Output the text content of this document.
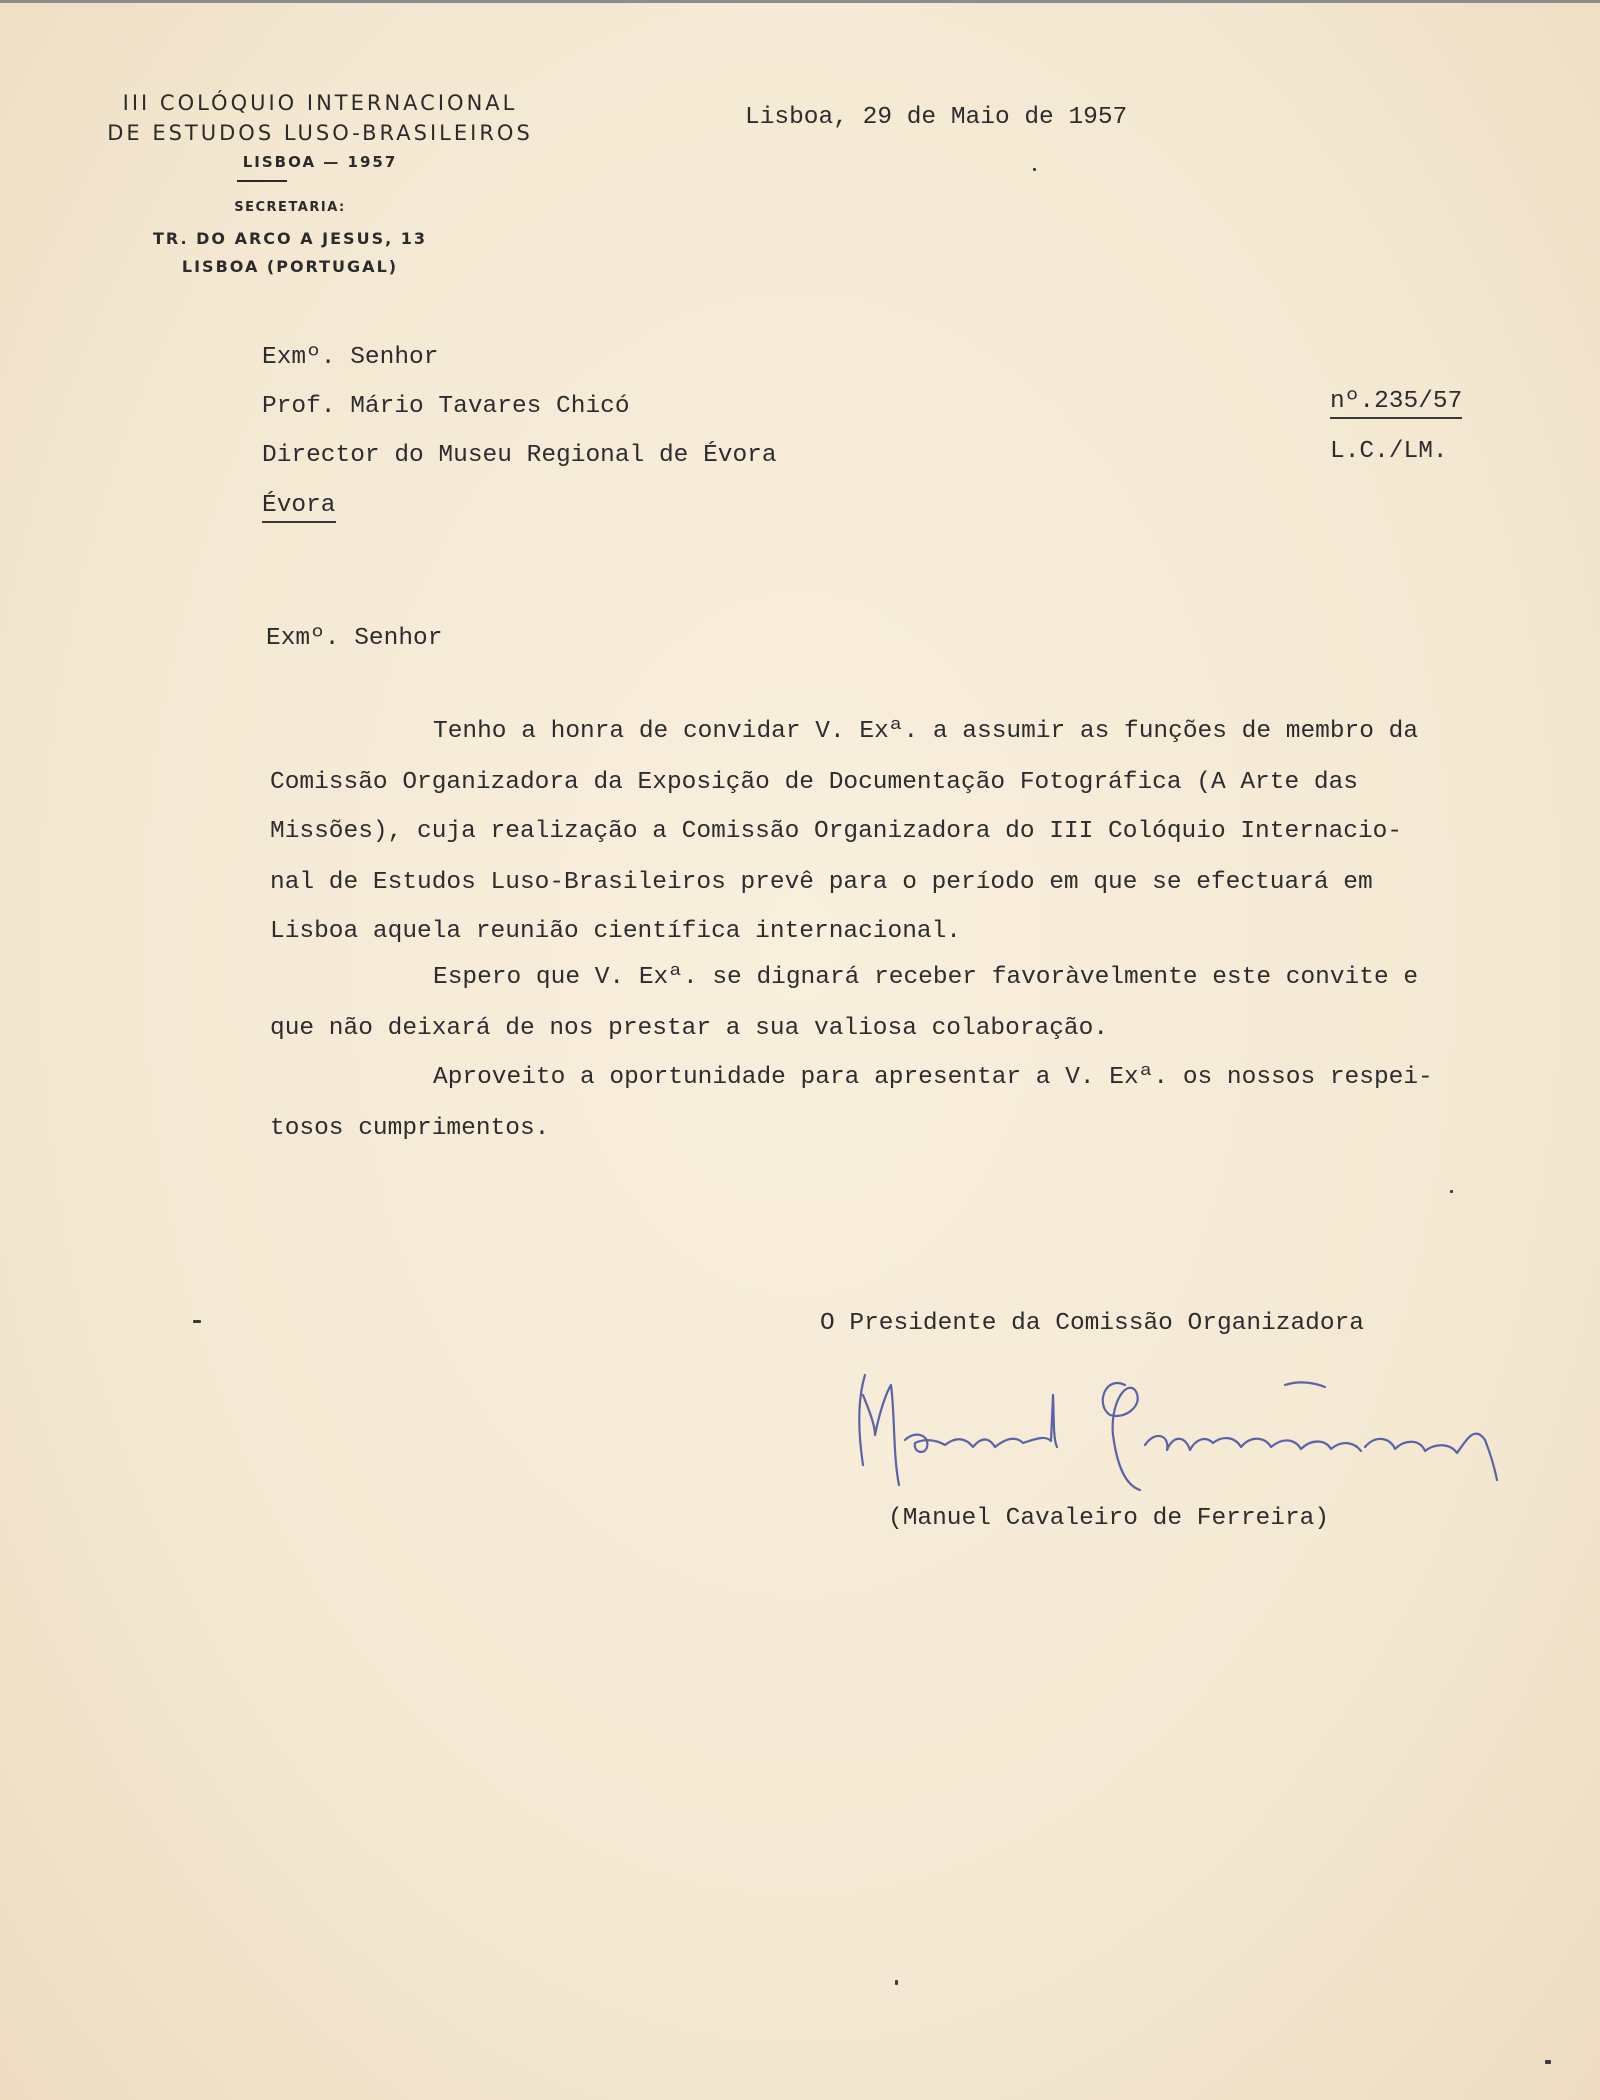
III COLÓQUIO INTERNACIONAL
DE ESTUDOS LUSO-BRASILEIROS
LISBOA — 1957
SECRETARIA:
TR. DO ARCO A JESUS, 13
LISBOA (PORTUGAL)
Lisboa, 29 de Maio de 1957
Exmº. Senhor
Prof. Mário Tavares Chicó
Director do Museu Regional de Évora
Évora
nº.235/57
L.C./LM.
Exmº. Senhor
Tenho a honra de convidar V. Exª. a assumir as funções de membro da
Comissão Organizadora da Exposição de Documentação Fotográfica (A Arte das
Missões), cuja realização a Comissão Organizadora do III Colóquio Internacio-
nal de Estudos Luso-Brasileiros prevê para o período em que se efectuará em
Lisboa aquela reunião científica internacional.
Espero que V. Exª. se dignará receber favoràvelmente este convite e
que não deixará de nos prestar a sua valiosa colaboração.
Aproveito a oportunidade para apresentar a V. Exª. os nossos respei-
tosos cumprimentos.
O Presidente da Comissão Organizadora
(Manuel Cavaleiro de Ferreira)
